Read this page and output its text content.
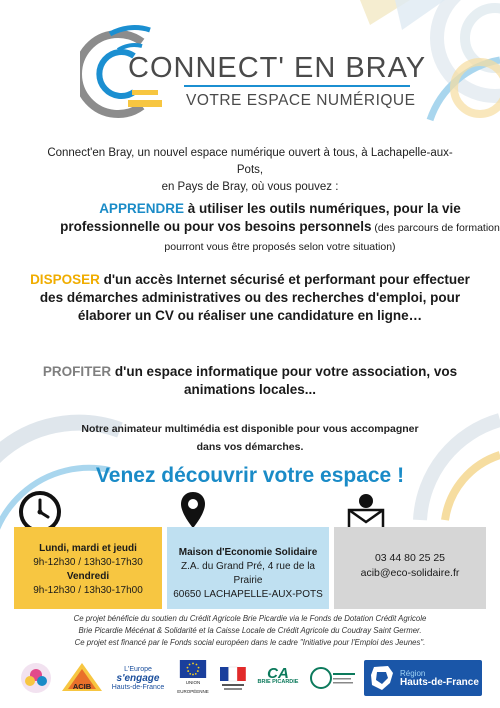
CONNECT' EN BRAY
VOTRE ESPACE NUMÉRIQUE
Connect'en Bray, un nouvel espace numérique ouvert à tous, à Lachapelle-aux-Pots,
en Pays de Bray, où vous pouvez :
APPRENDRE à utiliser les outils numériques, pour la vie professionnelle ou pour vos besoins personnels (des parcours de formation pourront vous être proposés selon votre situation)
DISPOSER d'un accès Internet sécurisé et performant pour effectuer des démarches administratives ou des recherches d'emploi, pour élaborer un CV ou réaliser une candidature en ligne…
PROFITER d'un espace informatique pour votre association, vos animations locales...
Notre animateur multimédia est disponible pour vous accompagner
dans vos démarches.
Venez découvrir votre espace !
Lundi, mardi et jeudi
9h-12h30 / 13h30-17h30
Vendredi
9h-12h30 / 13h30-17h00
Maison d'Economie Solidaire
Z.A. du Grand Pré, 4 rue de la Prairie
60650 LACHAPELLE-AUX-POTS
03 44 80 25 25
acib@eco-solidaire.fr
Ce projet bénéficie du soutien du Crédit Agricole Brie Picardie via le Fonds de Dotation Crédit Agricole
Brie Picardie Mécénat & Solidarité et la Caisse Locale de Crédit Agricole du Coudray Saint Germer.
Ce projet est financé par le Fonds social européen dans le cadre "Initiative pour l'Emploi des Jeunes".
ACIB
L'Europe
s'engage
Hauts-de-France
UNION EUROPÉENNE
CA
BRIE PICARDIE
Région
Hauts-de-France
